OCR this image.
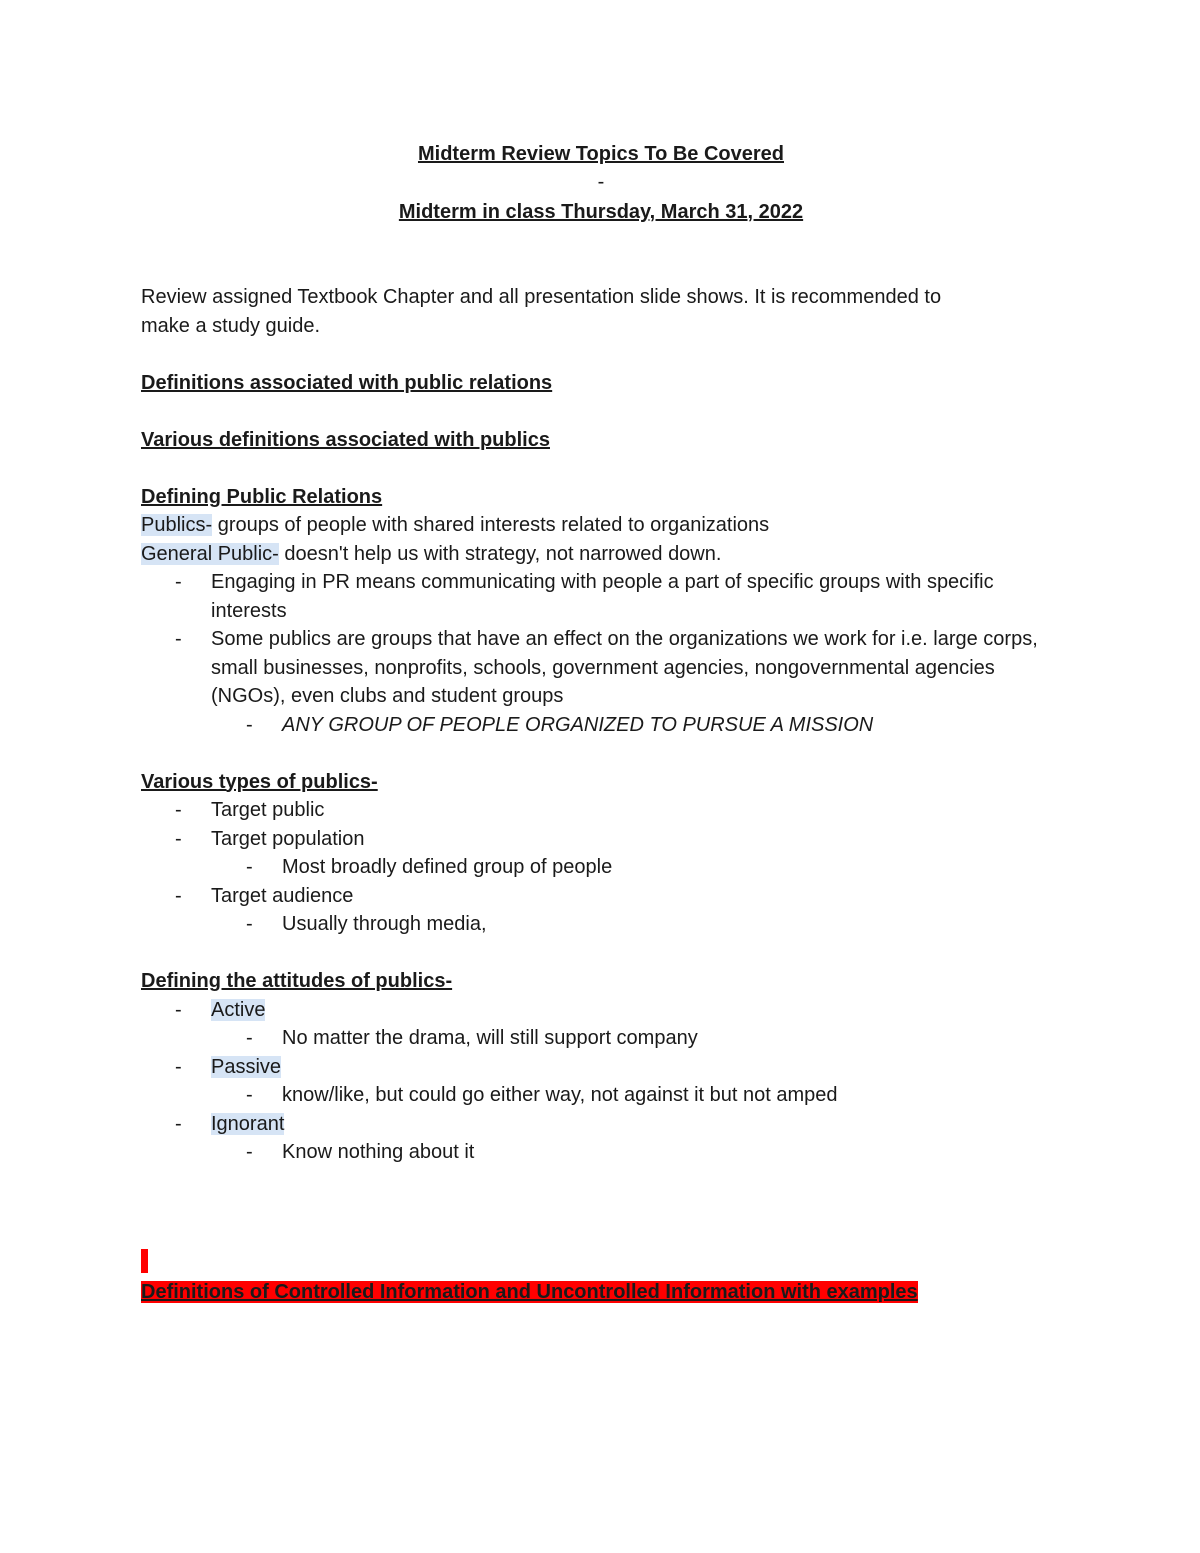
Midterm Review Topics To Be Covered

-

Midterm in class Thursday, March 31, 2022

Review assigned Textbook Chapter and all presentation slide shows. It is recommended to
make a study guide.

Definitions associated with public relations

Various definitions associated with publics

Defining Public Relations

Publics- groups of people with shared interests related to organizations

General Public- doesn't help us with strategy, not narrowed down.

- Engaging in PR means communicating with people a part of specific groups with specific interests
- Some publics are groups that have an effect on the organizations we work for i.e. large corps, small businesses, nonprofits, schools, government agencies, nongovernmental agencies (NGOs), even clubs and student groups
- ANY GROUP OF PEOPLE ORGANIZED TO PURSUE A MISSION

Various types of publics-

- Target public
- Target population
- Most broadly defined group of people
- Target audience
- Usually through media,

Defining the attitudes of publics-

- Active
- No matter the drama, will still support company
- Passive
- know/like, but could go either way, not against it but not amped
- Ignorant
- Know nothing about it
Definitions of Controlled Information and Uncontrolled Information with examples
